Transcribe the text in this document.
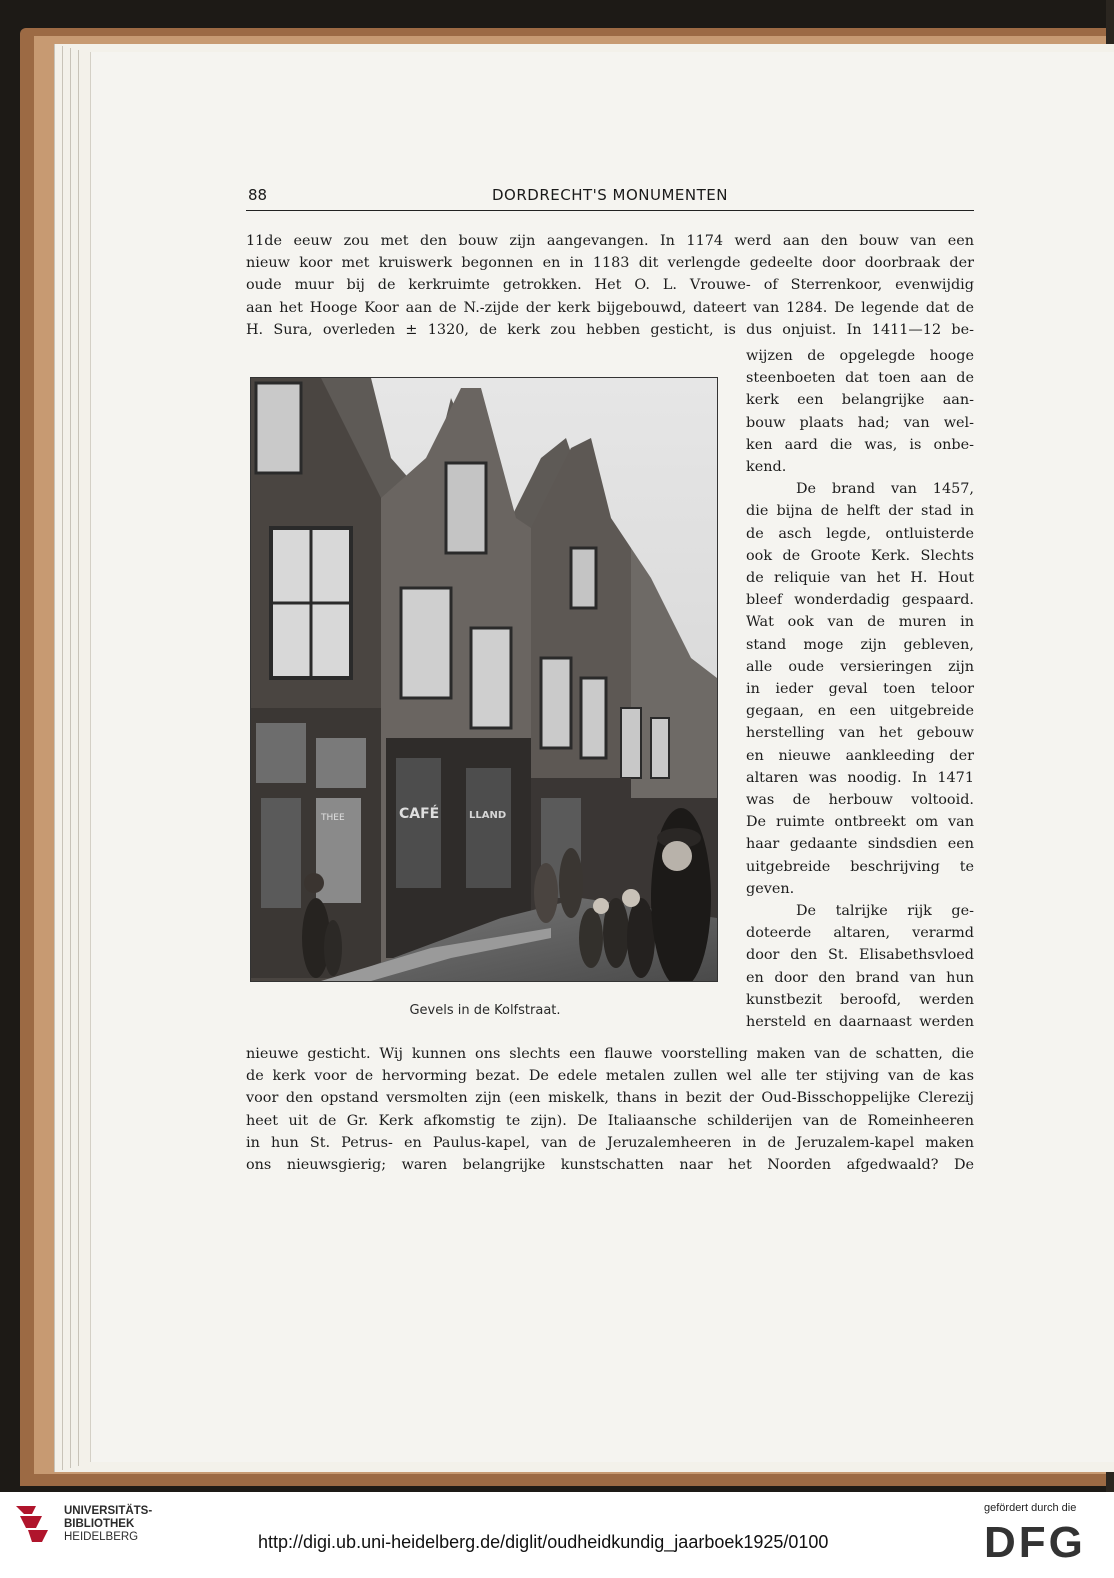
88	DORDRECHT'S MONUMENTEN
11de eeuw zou met den bouw zijn aangevangen. In 1174 werd aan den bouw van een
nieuw koor met kruiswerk begonnen en in 1183 dit verlengde gedeelte door doorbraak der
oude muur bij de kerkruimte getrokken. Het O. L. Vrouwe- of Sterrenkoor, evenwijdig
aan het Hooge Koor aan de N.-zijde der kerk bijgebouwd, dateert van 1284. De legende dat de
H. Sura, overleden ± 1320, de kerk zou hebben gesticht, is dus onjuist. In 1411—12 be-
wijzen de opgelegde hooge
steenboeten dat toen aan de
kerk een belangrijke aan-
bouw plaats had; van wel-
ken aard die was, is onbe-
kend.
De brand van 1457,
die bijna de helft der stad in
de asch legde, ontluisterde
ook de Groote Kerk. Slechts
de reliquie van het H. Hout
bleef wonderdadig gespaard.
Wat ook van de muren in
stand moge zijn gebleven,
alle oude versieringen zijn
in ieder geval toen teloor
gegaan, en een uitgebreide
herstelling van het gebouw
en nieuwe aankleeding der
altaren was noodig. In 1471
was de herbouw voltooid.
De ruimte ontbreekt om van
haar gedaante sindsdien een
uitgebreide beschrijving te
geven.
De talrijke rijk ge-
doteerde altaren, verarmd
door den St. Elisabethsvloed
en door den brand van hun
kunstbezit beroofd, werden
hersteld en daarnaast werden
nieuwe gesticht. Wij kunnen ons slechts een flauwe voorstelling maken van de schatten, die
de kerk voor de hervorming bezat. De edele metalen zullen wel alle ter stijving van de kas
voor den opstand versmolten zijn (een miskelk, thans in bezit der Oud-Bisschoppelijke Clerezij
heet uit de Gr. Kerk afkomstig te zijn). De Italiaansche schilderijen van de Romeinheeren
in hun St. Petrus- en Paulus-kapel, van de Jeruzalemheeren in de Jeruzalem-kapel maken
ons nieuwsgierig; waren belangrijke kunstschatten naar het Noorden afgedwaald? De
CAFÉ
THEE	LLAND
Gevels in de Kolfstraat.
UNIVERSITÄTS-
BIBLIOTHEK
HEIDELBERG	http://digi.ub.uni-heidelberg.de/diglit/oudheidkundig_jaarboek1925/0100
gefördert durch die
DFG
